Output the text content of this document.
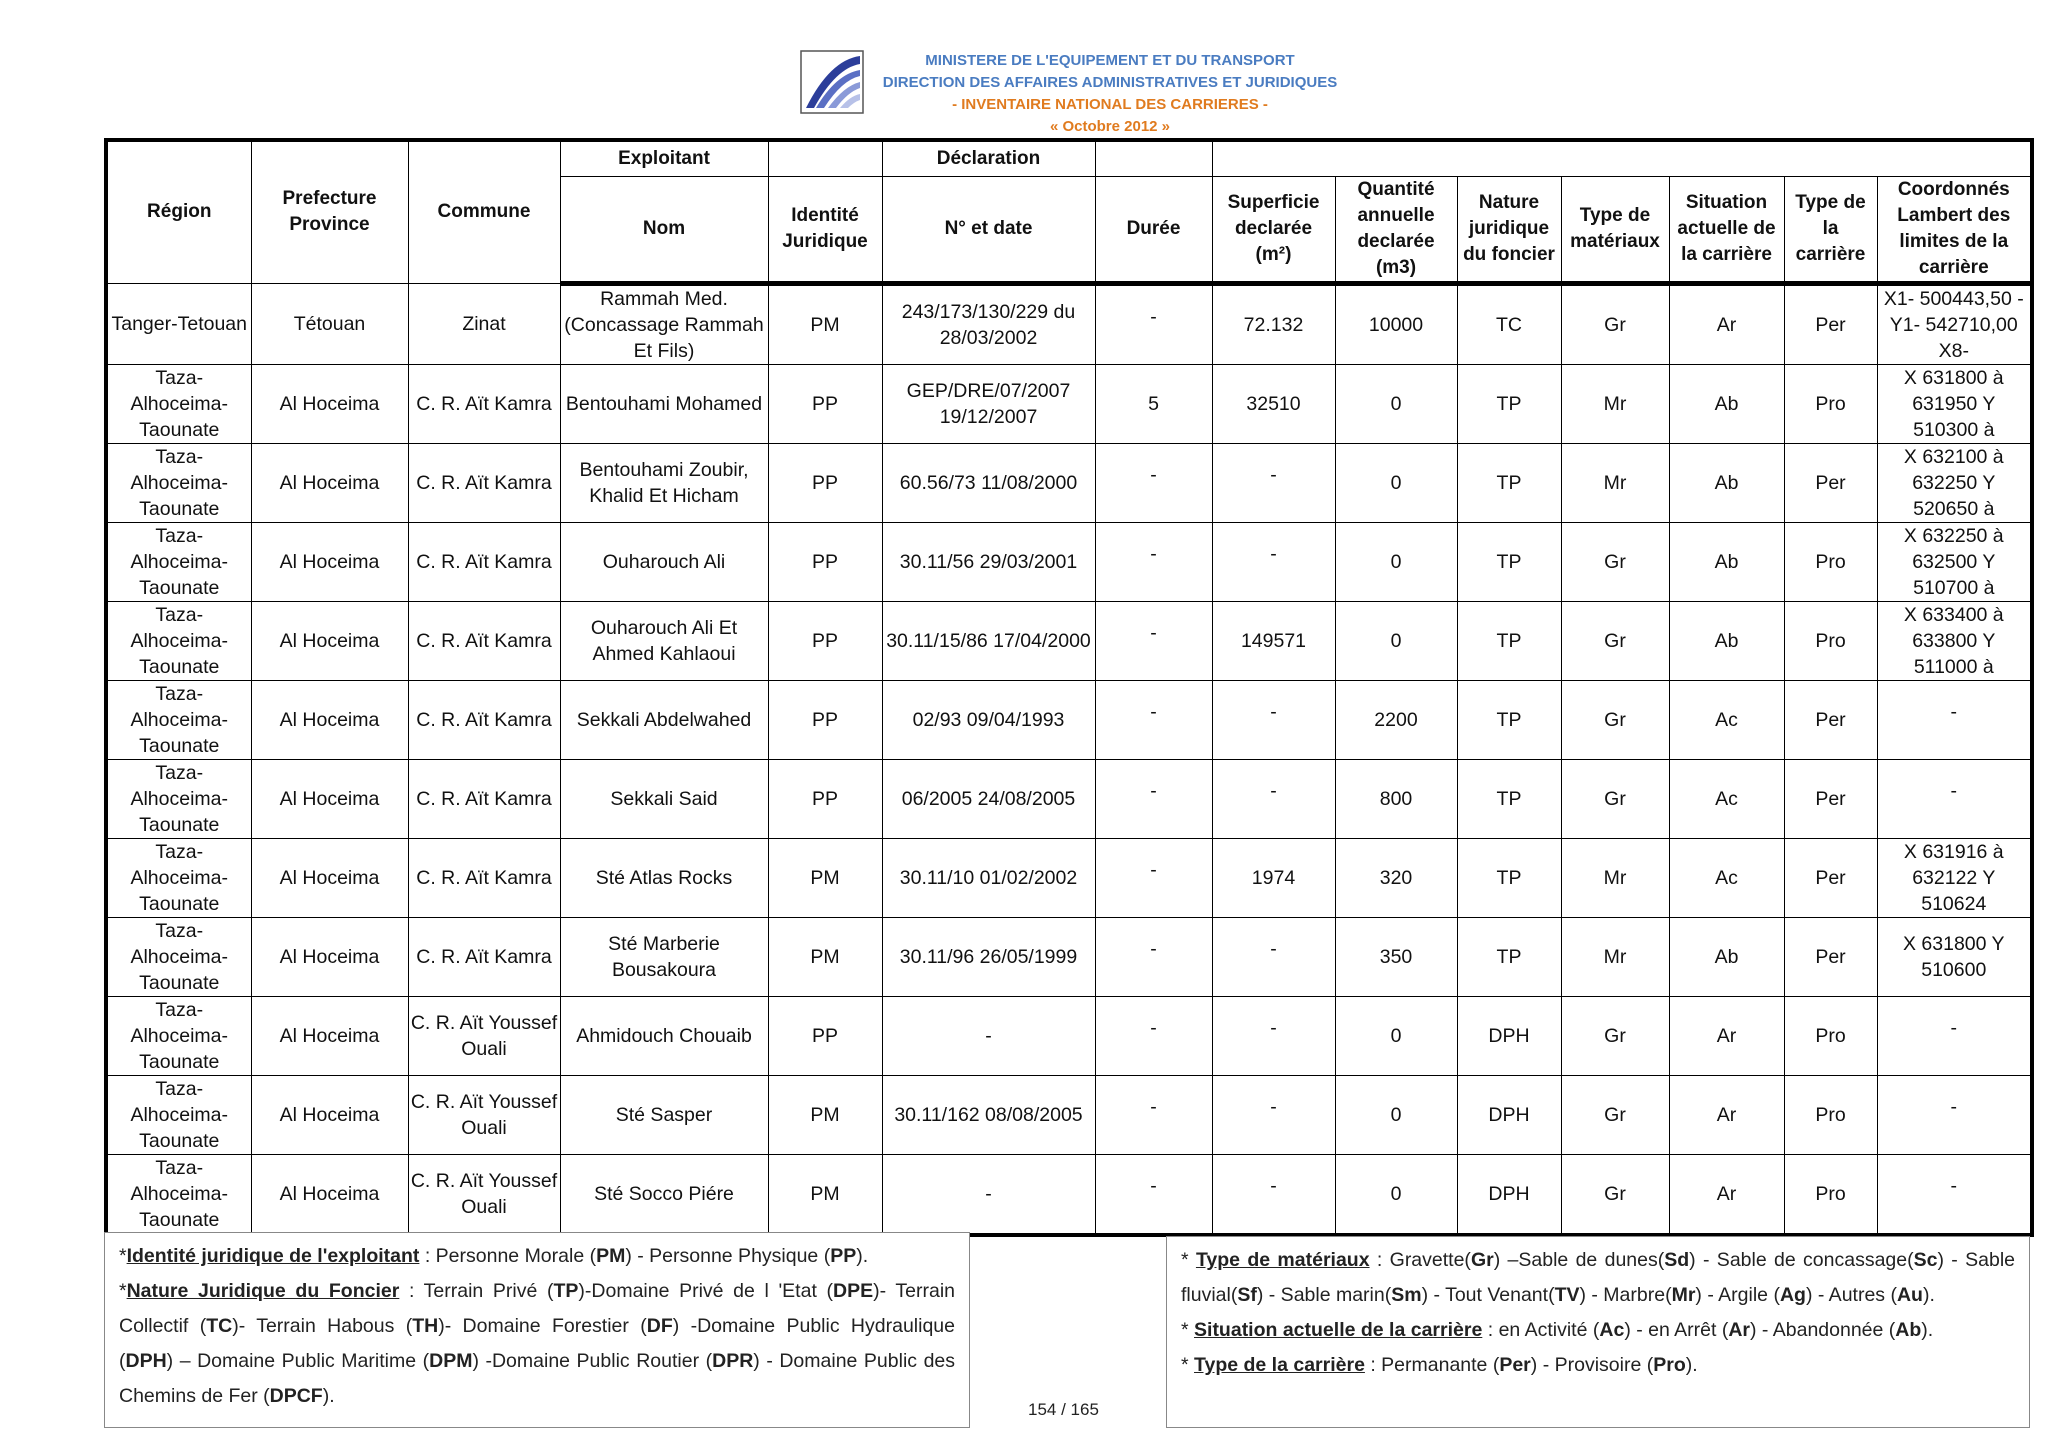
MINISTERE DE L'EQUIPEMENT ET DU TRANSPORT
DIRECTION DES AFFAIRES ADMINISTRATIVES ET JURIDIQUES
- INVENTAIRE NATIONAL DES CARRIERES -
« Octobre 2012 »
Région	Prefecture Province	Commune	Exploitant		Déclaration								
			Nom	Identité Juridique	N° et date	Durée	Superficie declarée (m²)	Quantité annuelle declarée (m3)	Nature juridique du foncier	Type de matériaux	Situation actuelle de la carrière	Type de la carrière	Coordonnés Lambert des limites de la carrière
Tanger-Tetouan	Tétouan	Zinat	Rammah Med. (Concassage Rammah Et Fils)	PM	243/173/130/229 du 28/03/2002	-	72.132	10000	TC	Gr	Ar	Per	X1- 500443,50 - Y1- 542710,00 X8-
Taza-Alhoceima-Taounate	Al Hoceima	C. R. Aït Kamra	Bentouhami Mohamed	PP	GEP/DRE/07/2007 19/12/2007	5	32510	0	TP	Mr	Ab	Pro	X 631800 à 631950 Y 510300 à
Taza-Alhoceima-Taounate	Al Hoceima	C. R. Aït Kamra	Bentouhami Zoubir, Khalid Et Hicham	PP	60.56/73 11/08/2000	-	-	0	TP	Mr	Ab	Per	X 632100 à 632250 Y 520650 à
Taza-Alhoceima-Taounate	Al Hoceima	C. R. Aït Kamra	Ouharouch Ali	PP	30.11/56 29/03/2001	-	-	0	TP	Gr	Ab	Pro	X 632250 à 632500 Y 510700 à
Taza-Alhoceima-Taounate	Al Hoceima	C. R. Aït Kamra	Ouharouch Ali Et Ahmed Kahlaoui	PP	30.11/15/86 17/04/2000	-	149571	0	TP	Gr	Ab	Pro	X 633400 à 633800 Y 511000 à
Taza-Alhoceima-Taounate	Al Hoceima	C. R. Aït Kamra	Sekkali Abdelwahed	PP	02/93 09/04/1993	-	-	2200	TP	Gr	Ac	Per	-
Taza-Alhoceima-Taounate	Al Hoceima	C. R. Aït Kamra	Sekkali Said	PP	06/2005 24/08/2005	-	-	800	TP	Gr	Ac	Per	-
Taza-Alhoceima-Taounate	Al Hoceima	C. R. Aït Kamra	Sté Atlas Rocks	PM	30.11/10 01/02/2002	-	1974	320	TP	Mr	Ac	Per	X 631916 à 632122 Y 510624
Taza-Alhoceima-Taounate	Al Hoceima	C. R. Aït Kamra	Sté Marberie Bousakoura	PM	30.11/96 26/05/1999	-	-	350	TP	Mr	Ab	Per	X 631800 Y 510600
Taza-Alhoceima-Taounate	Al Hoceima	C. R. Aït Youssef Ouali	Ahmidouch Chouaib	PP	-	-	-	0	DPH	Gr	Ar	Pro	-
Taza-Alhoceima-Taounate	Al Hoceima	C. R. Aït Youssef Ouali	Sté Sasper	PM	30.11/162 08/08/2005	-	-	0	DPH	Gr	Ar	Pro	-
Taza-Alhoceima-Taounate	Al Hoceima	C. R. Aït Youssef Ouali	Sté Socco Piére	PM	-	-	-	0	DPH	Gr	Ar	Pro	-
*Identité juridique de l'exploitant : Personne Morale (PM) - Personne Physique (PP).
*Nature Juridique du Foncier : Terrain Privé (TP)-Domaine Privé de l 'Etat (DPE)- Terrain Collectif (TC)- Terrain Habous (TH)- Domaine Forestier (DF) -Domaine Public Hydraulique (DPH) – Domaine Public Maritime (DPM) -Domaine Public Routier (DPR) - Domaine Public des Chemins de Fer (DPCF).
154 / 165
* Type de matériaux : Gravette(Gr) –Sable de dunes(Sd) - Sable de concassage(Sc) - Sable fluvial(Sf) - Sable marin(Sm) - Tout Venant(TV) - Marbre(Mr) - Argile (Ag) - Autres (Au).
* Situation actuelle de la carrière : en Activité (Ac) - en Arrêt (Ar) - Abandonnée (Ab).
* Type de la carrière : Permanante (Per) - Provisoire (Pro).
